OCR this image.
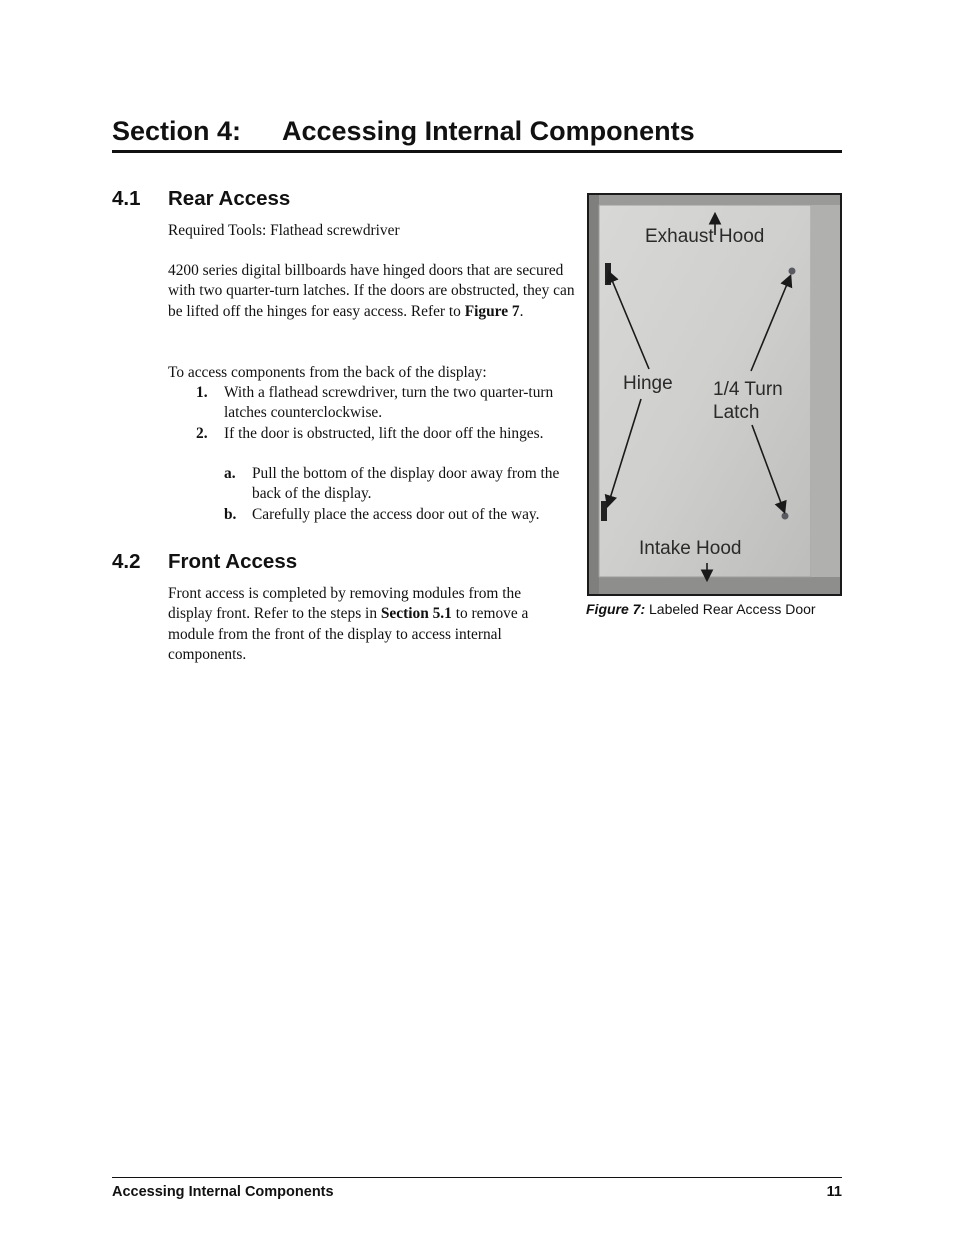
Section 4: Accessing Internal Components
4.1 Rear Access

Required Tools: Flathead screwdriver

4200 series digital billboards have hinged doors that are secured with two quarter-turn latches. If the doors are obstructed, they can be lifted off the hinges for easy access. Refer to Figure 7.

To access components from the back of the display:

1. With a flathead screwdriver, turn the two quarter-turn latches counterclockwise.
2. If the door is obstructed, lift the door off the hinges.
a. Pull the bottom of the display door away from the back of the display.
b. Carefully place the access door out of the way.
4.2 Front Access

Front access is completed by removing modules from the display front. Refer to the steps in Section 5.1 to remove a module from the front of the display to access internal components.

Exhaust Hood
Hinge 1/4 Turn
Latch
Intake Hood
Figure 7: Labeled Rear Access Door
Accessing Internal Components	11
